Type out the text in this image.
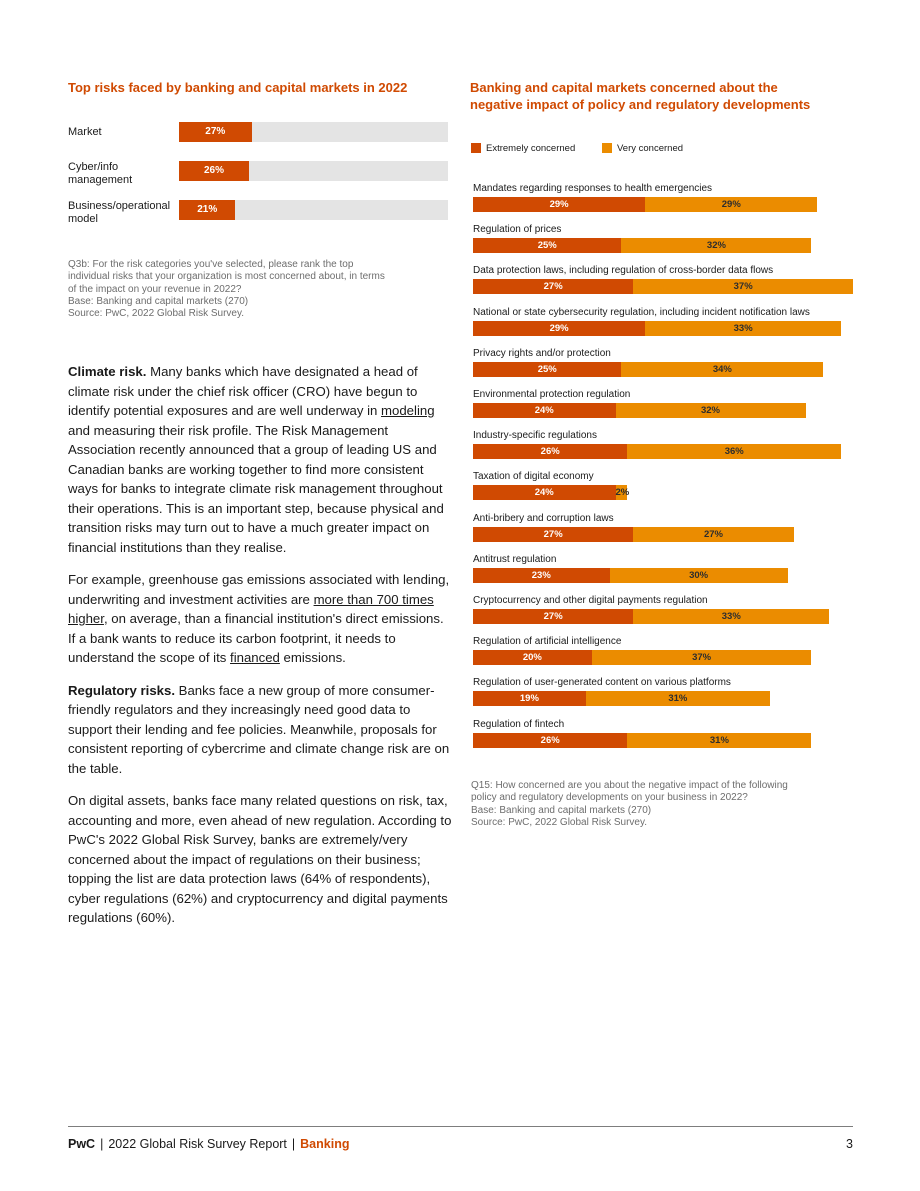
Top risks faced by banking and capital markets in 2022
Market	27%
Cyber/info management
26%
Business/operational model
21%
Q3b: For the risk categories you've selected, please rank the top
individual risks that your organization is most concerned about, in terms
of the impact on your revenue in 2022?
Base: Banking and capital markets (270)
Source: PwC, 2022 Global Risk Survey.

Climate risk. Many banks which have designated a head of climate risk under the chief risk officer (CRO) have begun to identify potential exposures and are well underway in modeling and measuring their risk profile. The Risk Management Association recently announced that a group of leading US and Canadian banks are working together to find more consistent ways for banks to integrate climate risk management throughout their operations. This is an important step, because physical and transition risks may turn out to have a much greater impact on financial institutions than they realise.

For example, greenhouse gas emissions associated with lending, underwriting and investment activities are more than 700 times higher, on average, than a financial institution's direct emissions. If a bank wants to reduce its carbon footprint, it needs to understand the scope of its financed emissions.

Regulatory risks. Banks face a new group of more consumer-friendly regulators and they increasingly need good data to support their lending and fee policies. Meanwhile, proposals for consistent reporting of cybercrime and climate change risk are on the table.

On digital assets, banks face many related questions on risk, tax, accounting and more, even ahead of new regulation. According to PwC's 2022 Global Risk Survey, banks are extremely/very concerned about the impact of regulations on their business; topping the list are data protection laws (64% of respondents), cyber regulations (62%) and cryptocurrency and digital payments regulations (60%).

Banking and capital markets concerned about the
negative impact of policy and regulatory developments
Extremely concerned	Very concerned
Mandates regarding responses to health emergencies
29%	29%
Regulation of prices
25%	32%
Data protection laws, including regulation of cross-border data flows
27%	37%
National or state cybersecurity regulation, including incident notification laws
29%	33%
Privacy rights and/or protection
25%	34%
Environmental protection regulation
24%	32%
Industry-specific regulations
26%	36%
Taxation of digital economy
24%	2%
Anti-bribery and corruption laws
27%	27%
Antitrust regulation
23%	30%
Cryptocurrency and other digital payments regulation
27%	33%
Regulation of artificial intelligence
20%	37%
Regulation of user-generated content on various platforms
19%	31%
Regulation of fintech
26%	31%
Q15: How concerned are you about the negative impact of the following
policy and regulatory developments on your business in 2022?
Base: Banking and capital markets (270)
Source: PwC, 2022 Global Risk Survey.
PwC | 2022 Global Risk Survey Report | Banking	3
